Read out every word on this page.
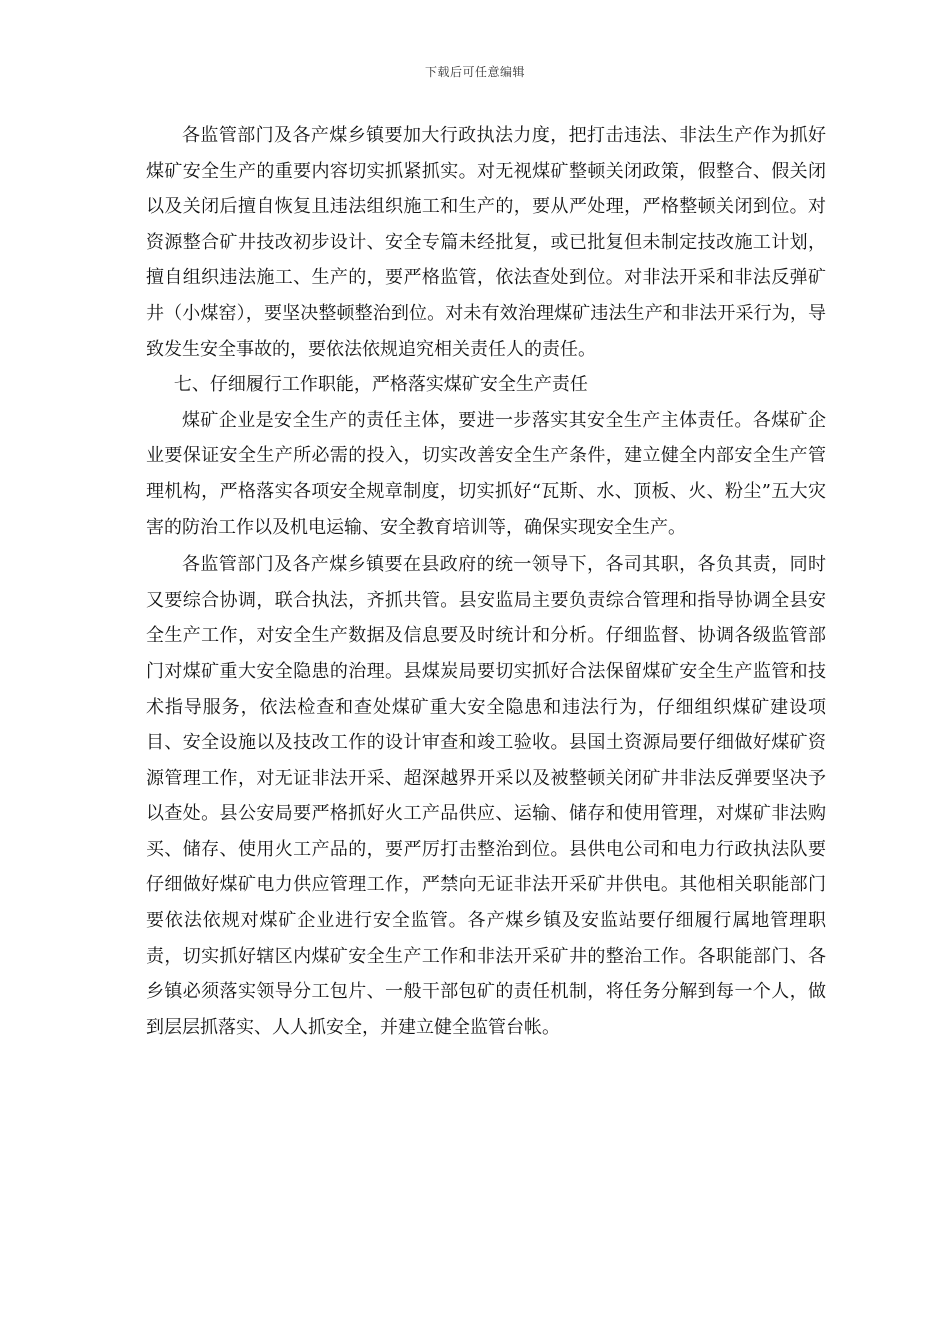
下载后可任意编辑

各监管部门及各产煤乡镇要加大行政执法力度，把打击违法、非法生产作为抓好煤矿安全生产的重要内容切实抓紧抓实。对无视煤矿整顿关闭政策，假整合、假关闭以及关闭后擅自恢复且违法组织施工和生产的，要从严处理，严格整顿关闭到位。对资源整合矿井技改初步设计、安全专篇未经批复，或已批复但未制定技改施工计划，擅自组织违法施工、生产的，要严格监管，依法查处到位。对非法开采和非法反弹矿井（小煤窑），要坚决整顿整治到位。对未有效治理煤矿违法生产和非法开采行为，导致发生安全事故的，要依法依规追究相关责任人的责任。

七、仔细履行工作职能，严格落实煤矿安全生产责任

煤矿企业是安全生产的责任主体，要进一步落实其安全生产主体责任。各煤矿企业要保证安全生产所必需的投入，切实改善安全生产条件，建立健全内部安全生产管理机构，严格落实各项安全规章制度，切实抓好“瓦斯、水、顶板、火、粉尘”五大灾害的防治工作以及机电运输、安全教育培训等，确保实现安全生产。

各监管部门及各产煤乡镇要在县政府的统一领导下，各司其职，各负其责，同时又要综合协调，联合执法，齐抓共管。县安监局主要负责综合管理和指导协调全县安全生产工作，对安全生产数据及信息要及时统计和分析。仔细监督、协调各级监管部门对煤矿重大安全隐患的治理。县煤炭局要切实抓好合法保留煤矿安全生产监管和技术指导服务，依法检查和查处煤矿重大安全隐患和违法行为，仔细组织煤矿建设项目、安全设施以及技改工作的设计审查和竣工验收。县国土资源局要仔细做好煤矿资源管理工作，对无证非法开采、超深越界开采以及被整顿关闭矿井非法反弹要坚决予以查处。县公安局要严格抓好火工产品供应、运输、储存和使用管理，对煤矿非法购买、储存、使用火工产品的，要严厉打击整治到位。县供电公司和电力行政执法队要仔细做好煤矿电力供应管理工作，严禁向无证非法开采矿井供电。其他相关职能部门要依法依规对煤矿企业进行安全监管。各产煤乡镇及安监站要仔细履行属地管理职责，切实抓好辖区内煤矿安全生产工作和非法开采矿井的整治工作。各职能部门、各乡镇必须落实领导分工包片、一般干部包矿的责任机制，将任务分解到每一个人，做到层层抓落实、人人抓安全，并建立健全监管台帐。
